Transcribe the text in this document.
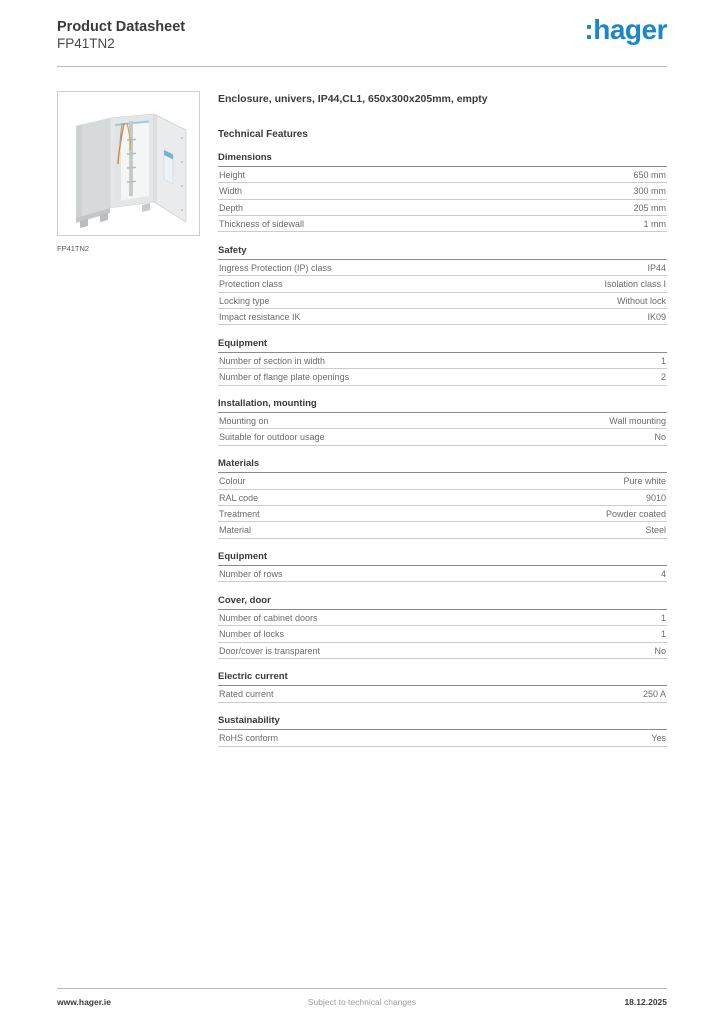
Product Datasheet
FP41TN2	:hager
FP41TN2

Enclosure, univers, IP44,CL1, 650x300x205mm, empty

Technical Features
Dimensions
Height	650 mm
Width	300 mm
Depth	205 mm
Thickness of sidewall	1 mm
Safety
Ingress Protection (IP) class	IP44
Protection class	Isolation class I
Locking type	Without lock
Impact resistance IK	IK09
Equipment
Number of section in width	1
Number of flange plate openings	2
Installation, mounting
Mounting on	Wall mounting
Suitable for outdoor usage	No
Materials
Colour	Pure white
RAL code	9010
Treatment	Powder coated
Material	Steel
Equipment
Number of rows	4
Cover, door
Number of cabinet doors	1
Number of locks	1
Door/cover is transparent	No
Electric current
Rated current	250 A
Sustainability
RoHS conform	Yes
www.hager.ie	Subject to technical changes	18.12.2025
